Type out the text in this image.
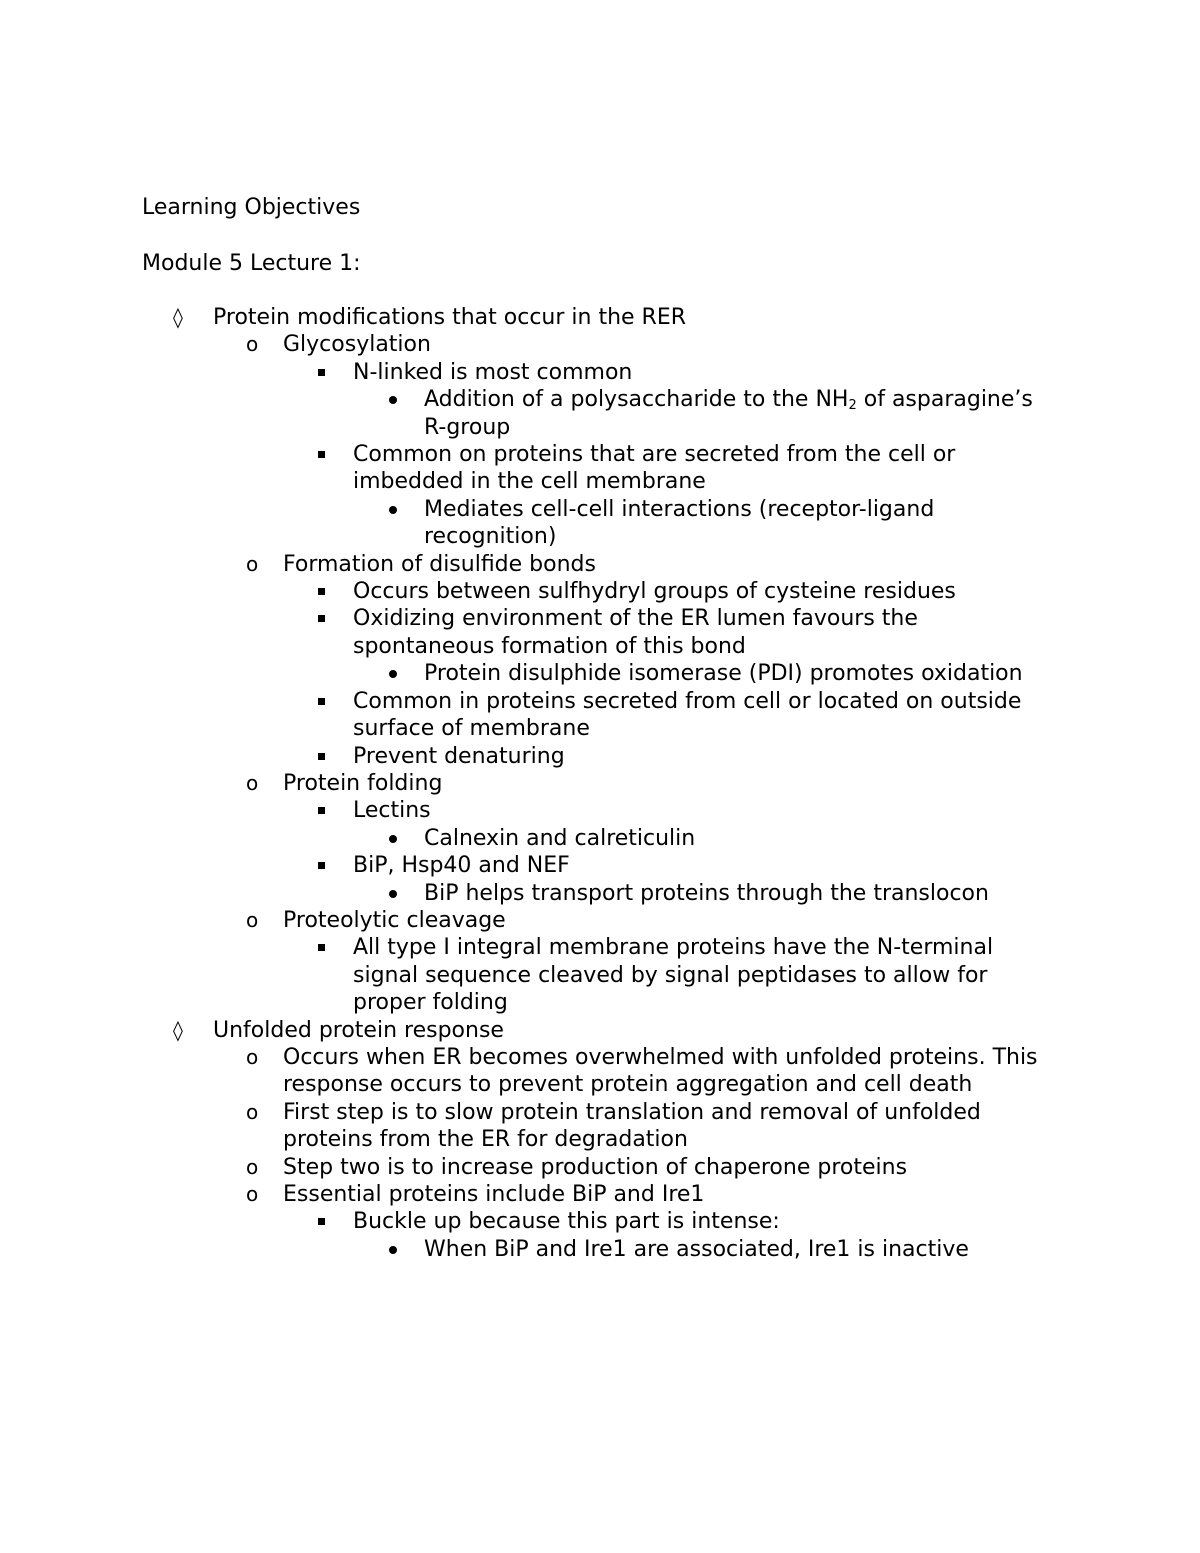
Learning Objectives
Module 5 Lecture 1:
◊ Protein modifications that occur in the RER
o Glycosylation
N-linked is most common
Addition of a polysaccharide to the $NH_2$ of asparagine’s R-group
Common on proteins that are secreted from the cell or imbedded in the cell membrane
Mediates cell-cell interactions (receptor-ligand recognition)
o Formation of disulfide bonds
Occurs between sulfhydryl groups of cysteine residues
Oxidizing environment of the ER lumen favours the spontaneous formation of this bond
Protein disulphide isomerase (PDI) promotes oxidation
Common in proteins secreted from cell or located on outside surface of membrane
Prevent denaturing
o Protein folding
Lectins
Calnexin and calreticulin
BiP, Hsp40 and NEF
BiP helps transport proteins through the translocon
o Proteolytic cleavage
All type I integral membrane proteins have the N-terminal signal sequence cleaved by signal peptidases to allow for proper folding
◊ Unfolded protein response
o Occurs when ER becomes overwhelmed with unfolded proteins. This response occurs to prevent protein aggregation and cell death
o First step is to slow protein translation and removal of unfolded proteins from the ER for degradation
o Step two is to increase production of chaperone proteins
o Essential proteins include BiP and Ire1
Buckle up because this part is intense:
When BiP and Ire1 are associated, Ire1 is inactive
